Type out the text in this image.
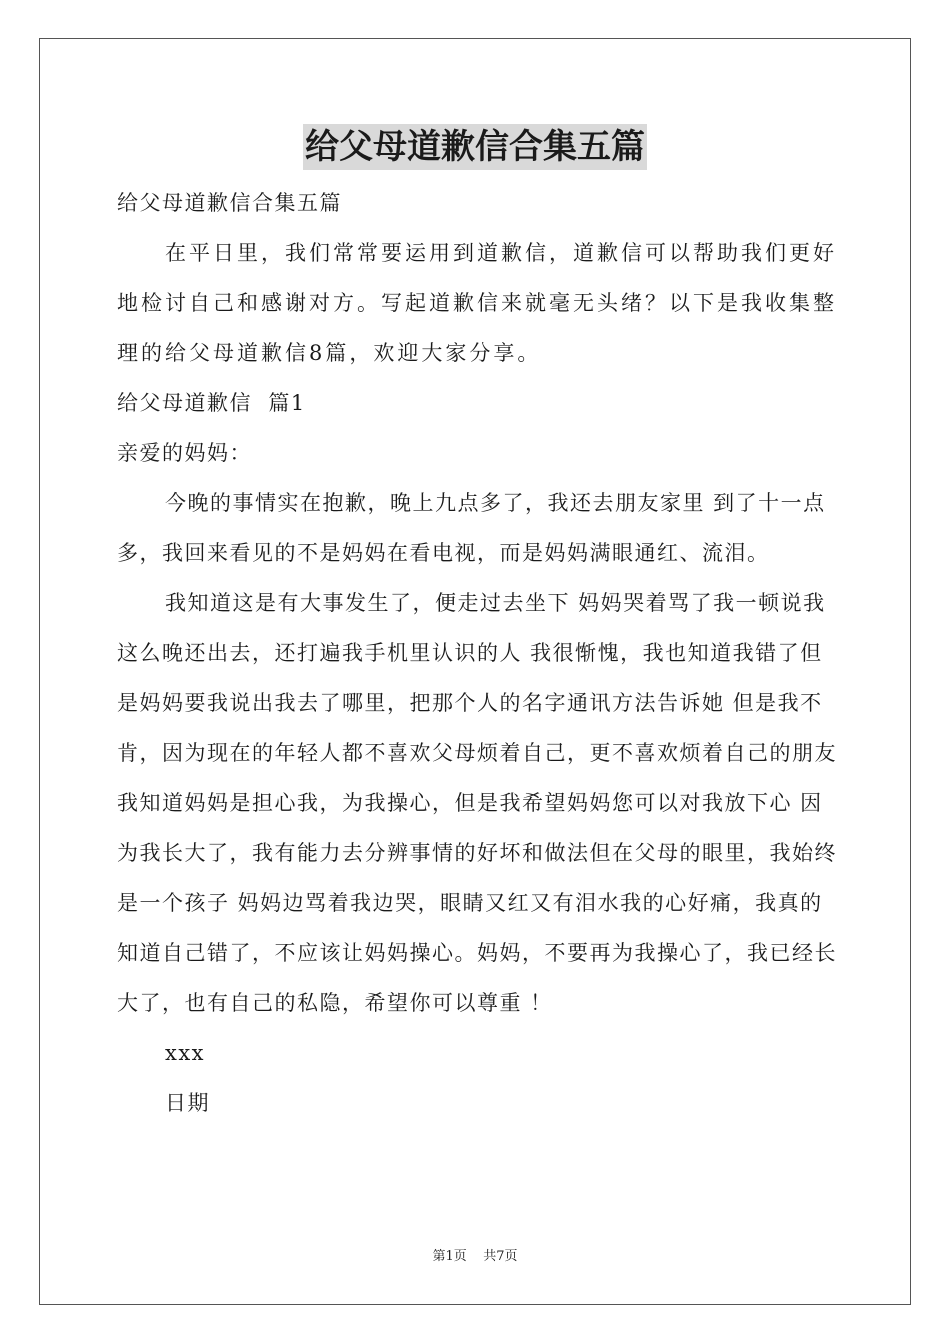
给父母道歉信合集五篇

给父母道歉信合集五篇

在平日里，我们常常要运用到道歉信，道歉信可以帮助我们更好地检讨自己和感谢对方。写起道歉信来就毫无头绪？以下是我收集整理的给父母道歉信8篇，欢迎大家分享。

给父母道歉信  篇1

亲爱的妈妈：

今晚的事情实在抱歉，晚上九点多了，我还去朋友家里 到了十一点多，我回来看见的不是妈妈在看电视，而是妈妈满眼通红、流泪。

我知道这是有大事发生了，便走过去坐下 妈妈哭着骂了我一顿说我这么晚还出去，还打遍我手机里认识的人 我很惭愧，我也知道我错了但是妈妈要我说出我去了哪里，把那个人的名字通讯方法告诉她 但是我不肯，因为现在的年轻人都不喜欢父母烦着自己，更不喜欢烦着自己的朋友我知道妈妈是担心我，为我操心，但是我希望妈妈您可以对我放下心 因为我长大了，我有能力去分辨事情的好坏和做法但在父母的眼里，我始终是一个孩子 妈妈边骂着我边哭，眼睛又红又有泪水我的心好痛，我真的知道自己错了，不应该让妈妈操心。妈妈，不要再为我操心了，我已经长大了，也有自己的私隐，希望你可以尊重 ！

xxx

日期

第1页    共7页
